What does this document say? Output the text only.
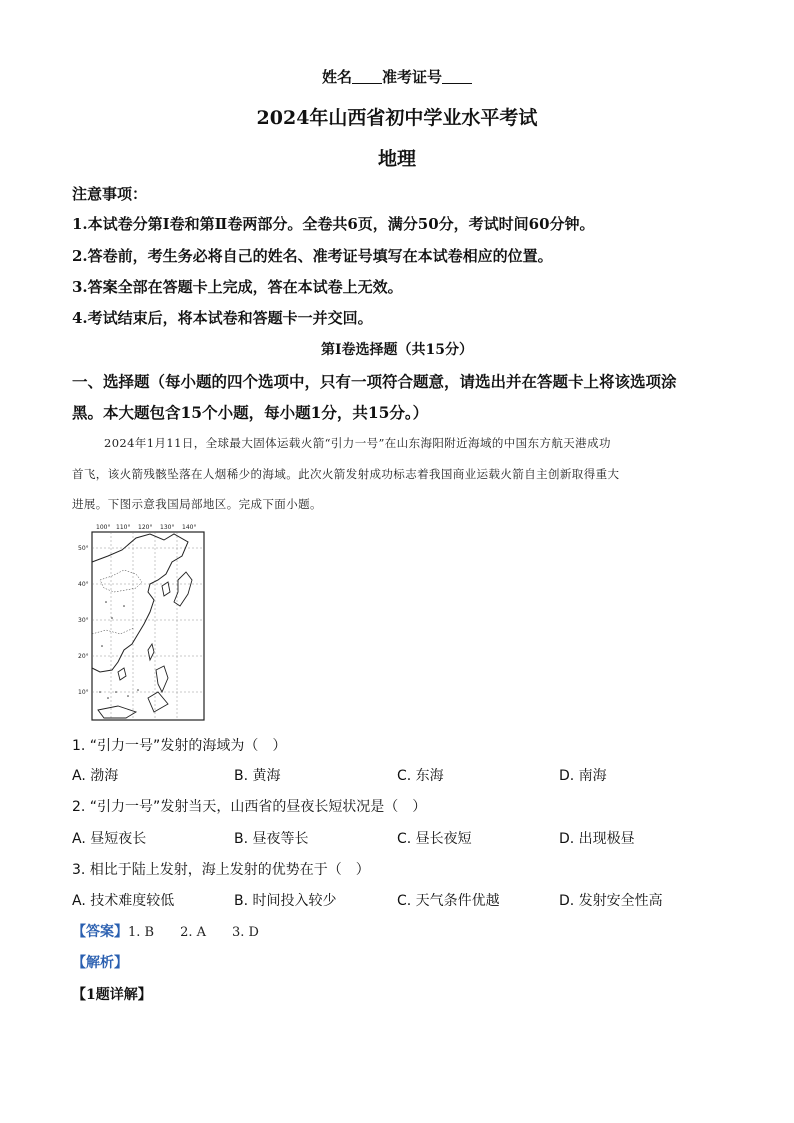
姓名 准考证号
2024年山西省初中学业水平考试
地理
注意事项：
1.本试卷分第Ⅰ卷和第Ⅱ卷两部分。全卷共6页，满分50分，考试时间60分钟。
2.答卷前，考生务必将自己的姓名、准考证号填写在本试卷相应的位置。
3.答案全部在答题卡上完成，答在本试卷上无效。
4.考试结束后，将本试卷和答题卡一并交回。
第Ⅰ卷选择题（共15分）
一、选择题（每小题的四个选项中，只有一项符合题意，请选出并在答题卡上将该选项涂
黑。本大题包含15个小题，每小题1分，共15分。）
2024年1月11日，全球最大固体运载火箭“引力一号”在山东海阳附近海域的中国东方航天港成功
首飞，该火箭残骸坠落在人烟稀少的海域。此次火箭发射成功标志着我国商业运载火箭自主创新取得重大
进展。下图示意我国局部地区。完成下面小题。
100° 110° 120° 130° 140°
50°
40°
30°
20°
10°
1. “引力一号”发射的海域为（　）
A. 渤海	B. 黄海	C. 东海	D. 南海
2. “引力一号”发射当天，山西省的昼夜长短状况是（　）
A. 昼短夜长	B. 昼夜等长	C. 昼长夜短	D. 出现极昼
3. 相比于陆上发射，海上发射的优势在于（　）
A. 技术难度较低	B. 时间投入较少	C. 天气条件优越	D. 发射安全性高
【答案】1. B　　2. A　　3. D
【解析】
【1题详解】
